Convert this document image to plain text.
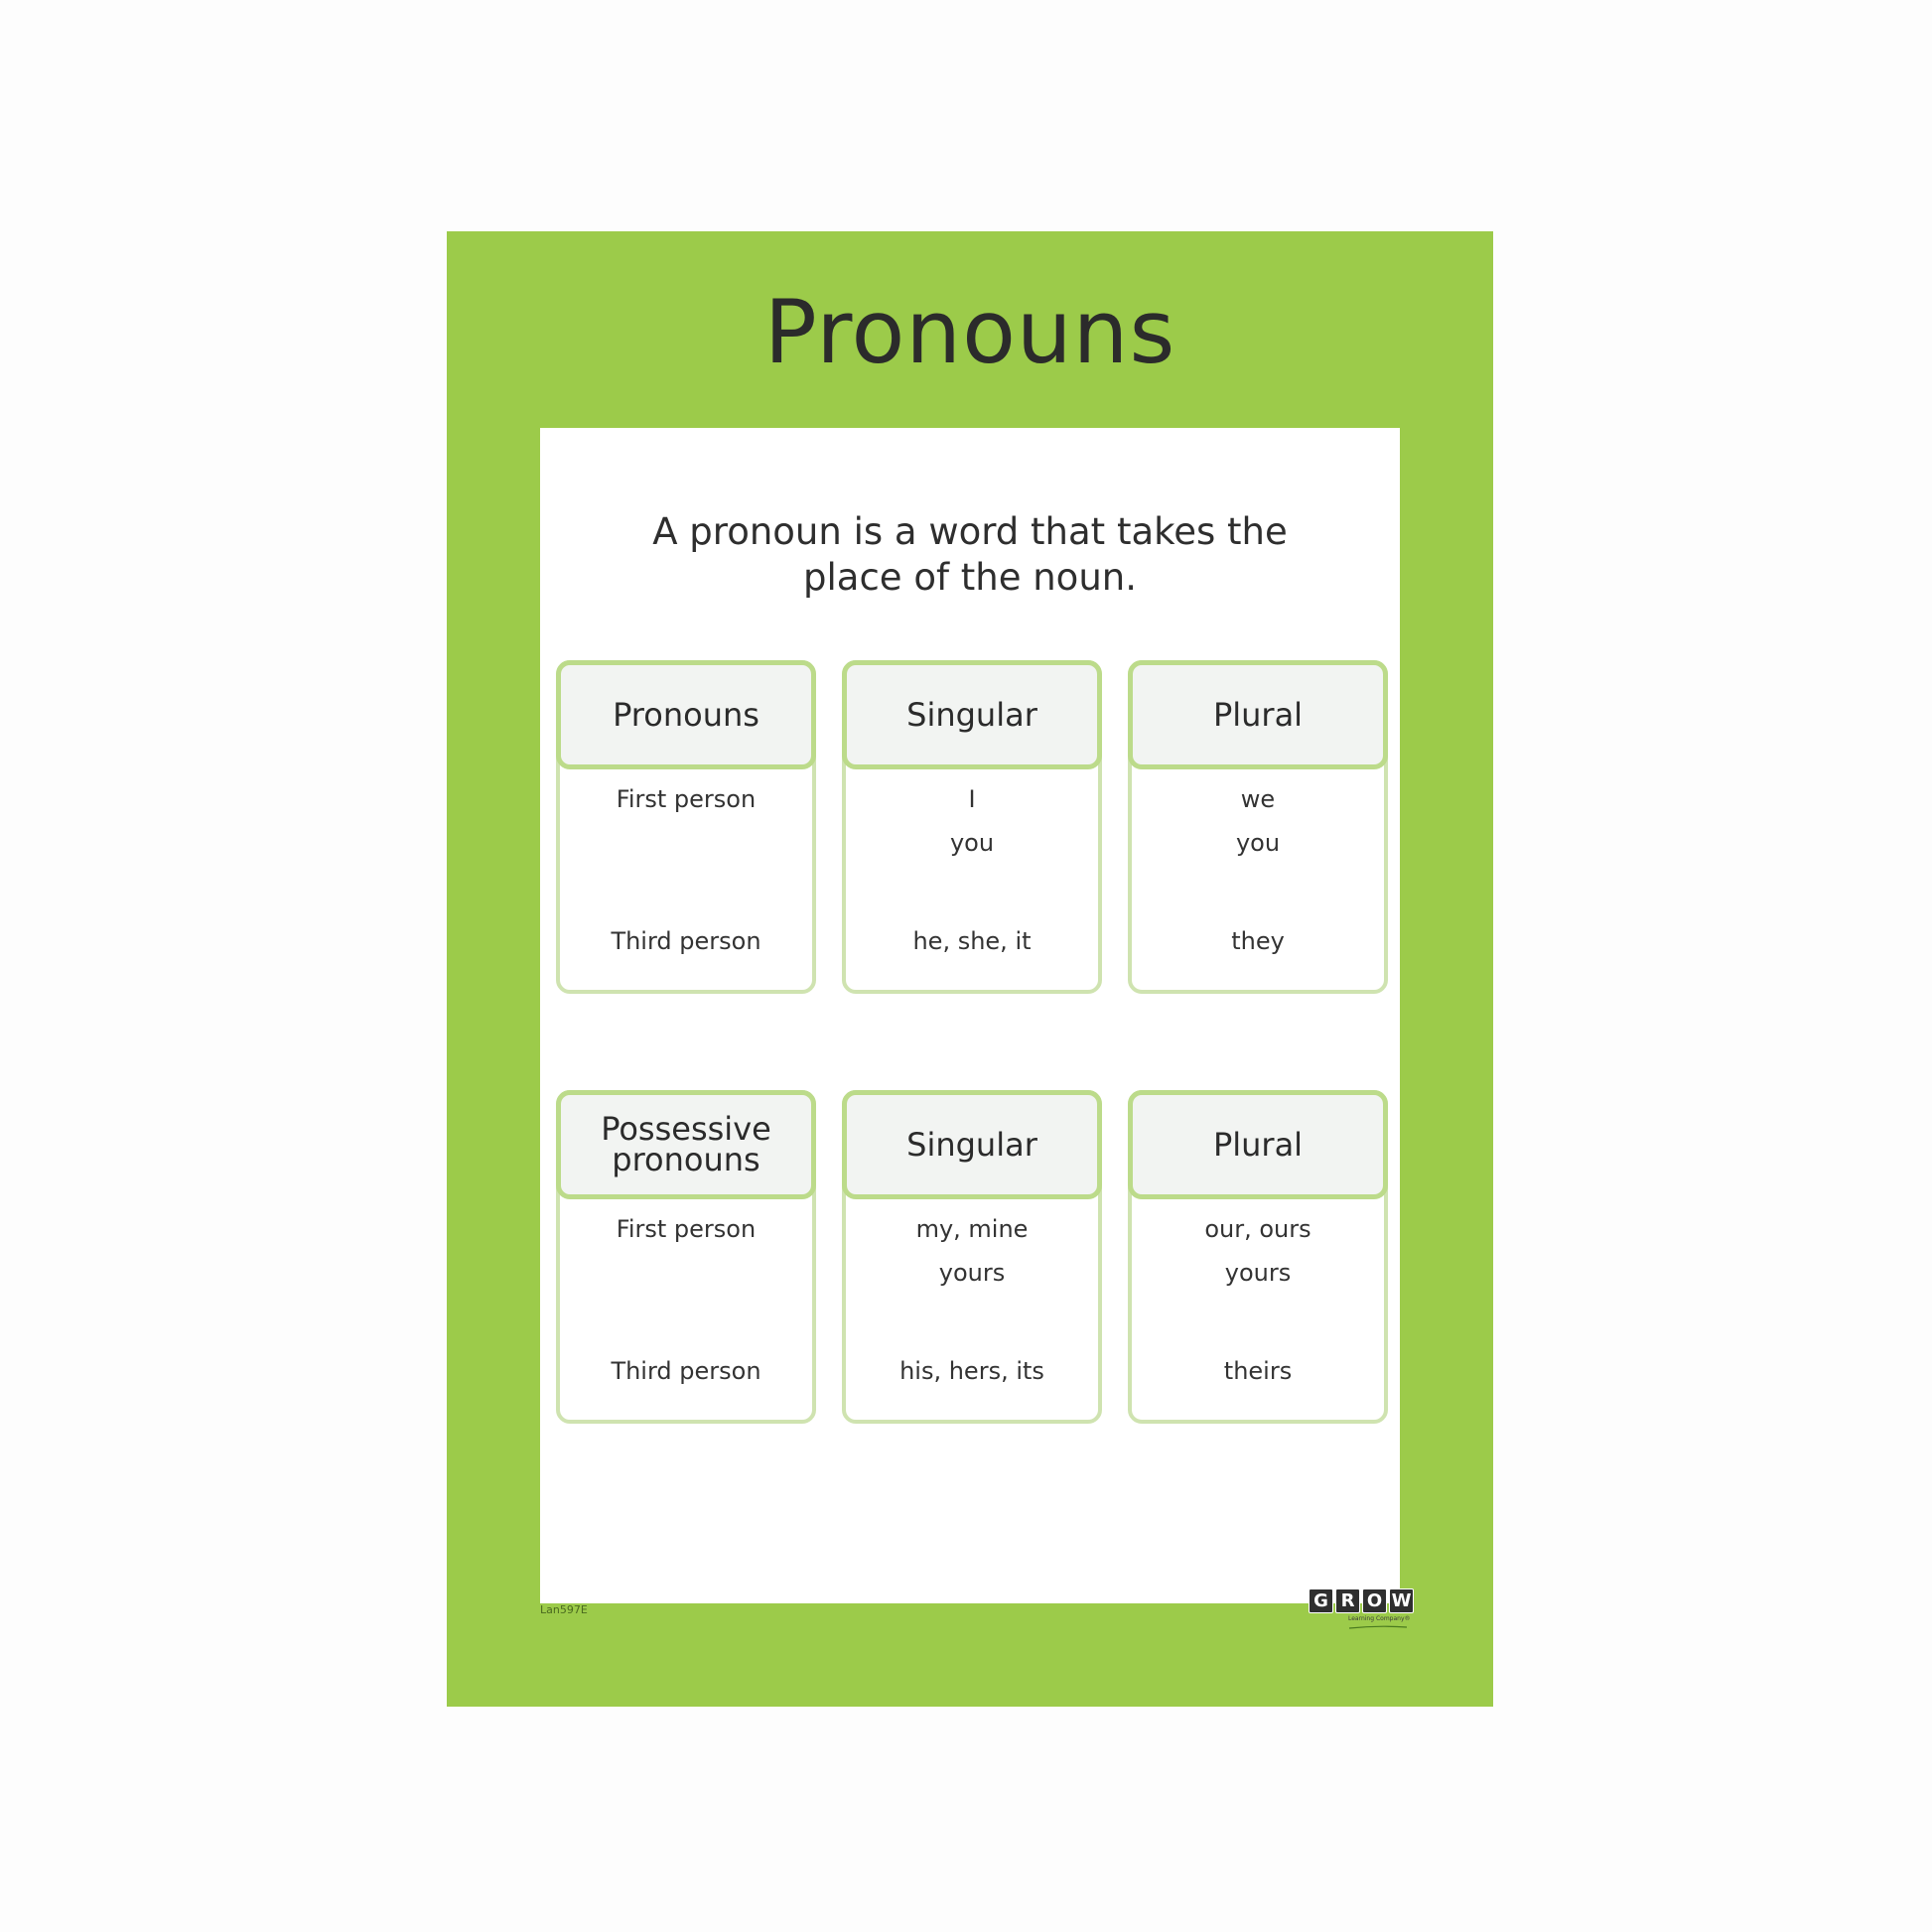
Pronouns
A pronoun is a word that takes the place of the noun.
Pronouns
First person
Third person
Singular
I
you
he, she, it
Plural
we
you
they
Possessive pronouns
First person
Third person
Singular
my, mine
yours
his, hers, its
Plural
our, ours
yours
theirs
Lan597E	G R O W
Learning Company®
